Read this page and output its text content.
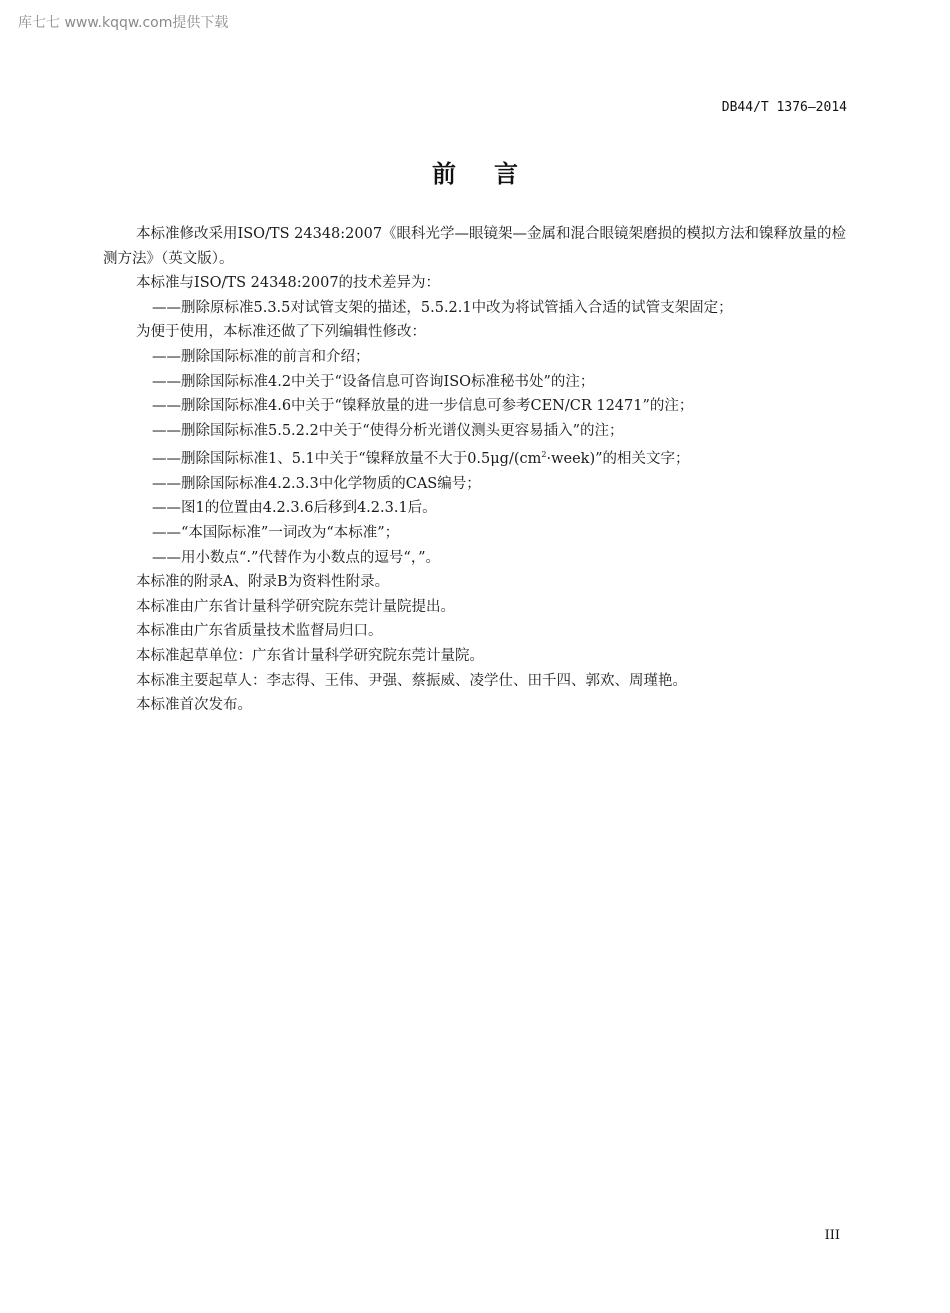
库七七 www.kqqw.com提供下载
DB44/T 1376—2014
前言

本标准修改采用ISO/TS 24348:2007《眼科光学—眼镜架—金属和混合眼镜架磨损的模拟方法和镍释放量的检测方法》（英文版）。

本标准与ISO/TS 24348:2007的技术差异为：

——删除原标准5.3.5对试管支架的描述，5.5.2.1中改为将试管插入合适的试管支架固定；

为便于使用，本标准还做了下列编辑性修改：

——删除国际标准的前言和介绍；

——删除国际标准4.2中关于“设备信息可咨询ISO标准秘书处”的注；

——删除国际标准4.6中关于“镍释放量的进一步信息可参考CEN/CR 12471”的注；

——删除国际标准5.5.2.2中关于“使得分析光谱仪测头更容易插入”的注；

——删除国际标准1、5.1中关于“镍释放量不大于$0.5\mu g/(cm^2\cdot week)$”的相关文字；

——删除国际标准4.2.3.3中化学物质的CAS编号；

——图1的位置由4.2.3.6后移到4.2.3.1后。

——“本国际标准”一词改为“本标准”；

——用小数点“.”代替作为小数点的逗号“，”。

本标准的附录A、附录B为资料性附录。

本标准由广东省计量科学研究院东莞计量院提出。

本标准由广东省质量技术监督局归口。

本标准起草单位：广东省计量科学研究院东莞计量院。

本标准主要起草人：李志得、王伟、尹强、蔡振威、凌学仕、田千四、郭欢、周瑾艳。

本标准首次发布。

III
